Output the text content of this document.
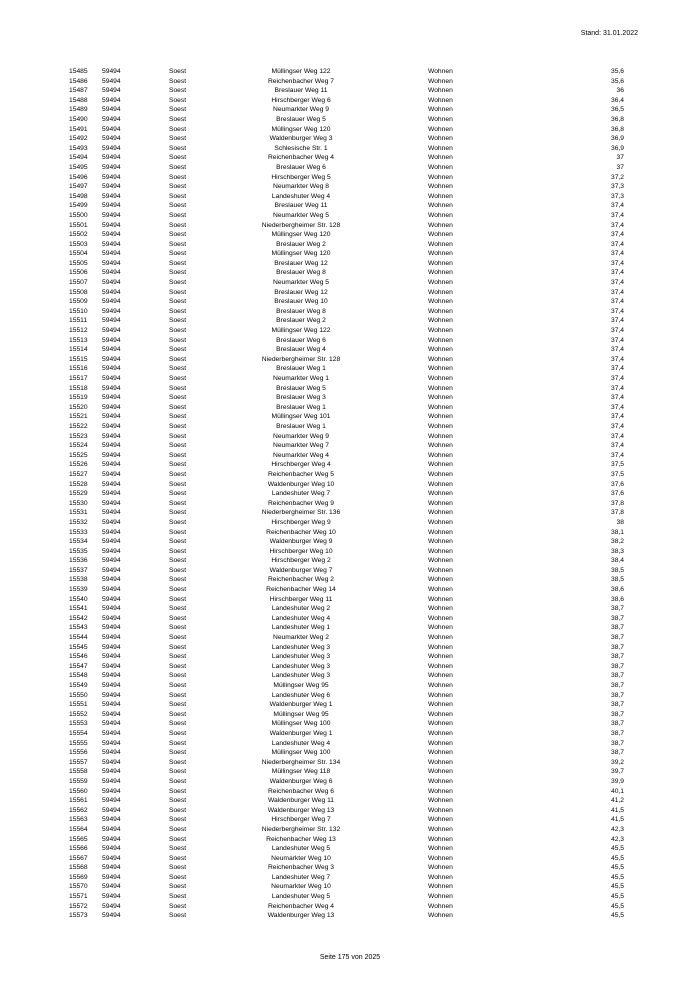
Stand: 31.01.2022
15485 59494	Soest	Müllingser Weg 122	Wohnen	35,6
15486 59494	Soest	Reichenbacher Weg 7	Wohnen	35,6
15487 59494	Soest	Breslauer Weg 11	Wohnen	36
15488 59494	Soest	Hirschberger Weg 6	Wohnen	36,4
15489 59494	Soest	Neumarkter Weg 9	Wohnen	36,5
15490 59494	Soest	Breslauer Weg 5	Wohnen	36,8
15491 59494	Soest	Müllingser Weg 120	Wohnen	36,8
15492 59494	Soest	Waldenburger Weg 3	Wohnen	36,9
15493 59494	Soest	Schlesische Str. 1	Wohnen	36,9
15494 59494	Soest	Reichenbacher Weg 4	Wohnen	37
15495 59494	Soest	Breslauer Weg 6	Wohnen	37
15496 59494	Soest	Hirschberger Weg 5	Wohnen	37,2
15497 59494	Soest	Neumarkter Weg 8	Wohnen	37,3
15498 59494	Soest	Landeshuter Weg 4	Wohnen	37,3
15499 59494	Soest	Breslauer Weg 11	Wohnen	37,4
15500 59494	Soest	Neumarkter Weg 5	Wohnen	37,4
15501 59494	Soest	Niederbergheimer Str. 128	Wohnen	37,4
15502 59494	Soest	Müllingser Weg 120	Wohnen	37,4
15503 59494	Soest	Breslauer Weg 2	Wohnen	37,4
15504 59494	Soest	Müllingser Weg 120	Wohnen	37,4
15505 59494	Soest	Breslauer Weg 12	Wohnen	37,4
15506 59494	Soest	Breslauer Weg 8	Wohnen	37,4
15507 59494	Soest	Neumarkter Weg 5	Wohnen	37,4
15508 59494	Soest	Breslauer Weg 12	Wohnen	37,4
15509 59494	Soest	Breslauer Weg 10	Wohnen	37,4
15510 59494	Soest	Breslauer Weg 8	Wohnen	37,4
15511 59494	Soest	Breslauer Weg 2	Wohnen	37,4
15512 59494	Soest	Müllingser Weg 122	Wohnen	37,4
15513 59494	Soest	Breslauer Weg 6	Wohnen	37,4
15514 59494	Soest	Breslauer Weg 4	Wohnen	37,4
15515 59494	Soest	Niederbergheimer Str. 128	Wohnen	37,4
15516 59494	Soest	Breslauer Weg 1	Wohnen	37,4
15517 59494	Soest	Neumarkter Weg 1	Wohnen	37,4
15518 59494	Soest	Breslauer Weg 5	Wohnen	37,4
15519 59494	Soest	Breslauer Weg 3	Wohnen	37,4
15520 59494	Soest	Breslauer Weg 1	Wohnen	37,4
15521 59494	Soest	Müllingser Weg 101	Wohnen	37,4
15522 59494	Soest	Breslauer Weg 1	Wohnen	37,4
15523 59494	Soest	Neumarkter Weg 9	Wohnen	37,4
15524 59494	Soest	Neumarkter Weg 7	Wohnen	37,4
15525 59494	Soest	Neumarkter Weg 4	Wohnen	37,4
15526 59494	Soest	Hirschberger Weg 4	Wohnen	37,5
15527 59494	Soest	Reichenbacher Weg 5	Wohnen	37,5
15528 59494	Soest	Waldenburger Weg 10	Wohnen	37,6
15529 59494	Soest	Landeshuter Weg 7	Wohnen	37,6
15530 59494	Soest	Reichenbacher Weg 9	Wohnen	37,8
15531 59494	Soest	Niederbergheimer Str. 136	Wohnen	37,8
15532 59494	Soest	Hirschberger Weg 9	Wohnen	38
15533 59494	Soest	Reichenbacher Weg 10	Wohnen	38,1
15534 59494	Soest	Waldenburger Weg 9	Wohnen	38,2
15535 59494	Soest	Hirschberger Weg 10	Wohnen	38,3
15536 59494	Soest	Hirschberger Weg 2	Wohnen	38,4
15537 59494	Soest	Waldenburger Weg 7	Wohnen	38,5
15538 59494	Soest	Reichenbacher Weg 2	Wohnen	38,5
15539 59494	Soest	Reichenbacher Weg 14	Wohnen	38,6
15540 59494	Soest	Hirschberger Weg 11	Wohnen	38,6
15541 59494	Soest	Landeshuter Weg 2	Wohnen	38,7
15542 59494	Soest	Landeshuter Weg 4	Wohnen	38,7
15543 59494	Soest	Landeshuter Weg 1	Wohnen	38,7
15544 59494	Soest	Neumarkter Weg 2	Wohnen	38,7
15545 59494	Soest	Landeshuter Weg 3	Wohnen	38,7
15546 59494	Soest	Landeshuter Weg 3	Wohnen	38,7
15547 59494	Soest	Landeshuter Weg 3	Wohnen	38,7
15548 59494	Soest	Landeshuter Weg 3	Wohnen	38,7
15549 59494	Soest	Müllingser Weg 95	Wohnen	38,7
15550 59494	Soest	Landeshuter Weg 6	Wohnen	38,7
15551 59494	Soest	Waldenburger Weg 1	Wohnen	38,7
15552 59494	Soest	Müllingser Weg 95	Wohnen	38,7
15553 59494	Soest	Müllingser Weg 100	Wohnen	38,7
15554 59494	Soest	Waldenburger Weg 1	Wohnen	38,7
15555 59494	Soest	Landeshuter Weg 4	Wohnen	38,7
15556 59494	Soest	Müllingser Weg 100	Wohnen	38,7
15557 59494	Soest	Niederbergheimer Str. 134	Wohnen	39,2
15558 59494	Soest	Müllingser Weg 118	Wohnen	39,7
15559 59494	Soest	Waldenburger Weg 6	Wohnen	39,9
15560 59494	Soest	Reichenbacher Weg 6	Wohnen	40,1
15561 59494	Soest	Waldenburger Weg 11	Wohnen	41,2
15562 59494	Soest	Waldenburger Weg 13	Wohnen	41,5
15563 59494	Soest	Hirschberger Weg 7	Wohnen	41,5
15564 59494	Soest	Niederbergheimer Str. 132	Wohnen	42,3
15565 59494	Soest	Reichenbacher Weg 13	Wohnen	42,3
15566 59494	Soest	Landeshuter Weg 5	Wohnen	45,5
15567 59494	Soest	Neumarkter Weg 10	Wohnen	45,5
15568 59494	Soest	Reichenbacher Weg 3	Wohnen	45,5
15569 59494	Soest	Landeshuter Weg 7	Wohnen	45,5
15570 59494	Soest	Neumarkter Weg 10	Wohnen	45,5
15571 59494	Soest	Landeshuter Weg 5	Wohnen	45,5
15572 59494	Soest	Reichenbacher Weg 4	Wohnen	45,5
15573 59494	Soest	Waldenburger Weg 13	Wohnen	45,5
Seite 175 von 2025
